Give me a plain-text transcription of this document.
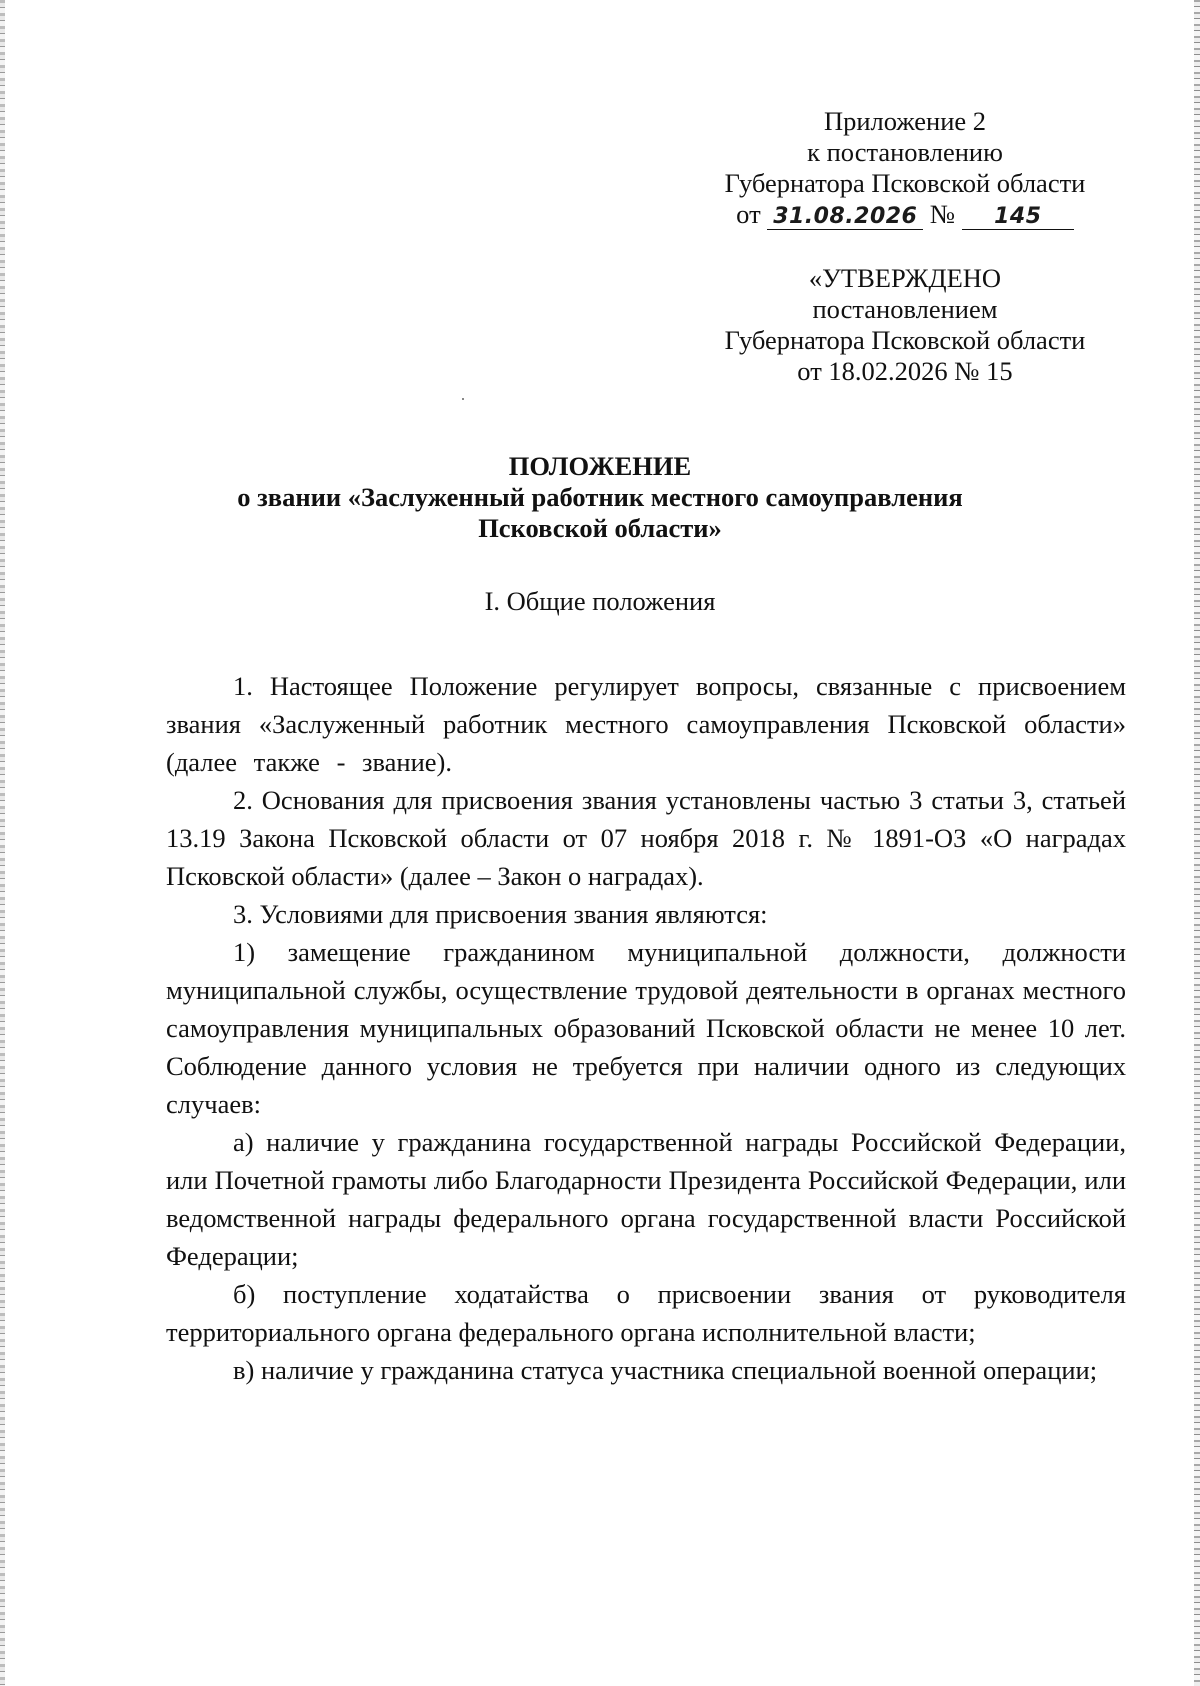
Приложение 2
к постановлению
Губернатора Псковской области
от 31.08.2026 № 145
«УТВЕРЖДЕНО
постановлением
Губернатора Псковской области
от 18.02.2026 № 15
ПОЛОЖЕНИЕ
о звании «Заслуженный работник местного самоуправления
Псковской области»
I. Общие положения

1. Настоящее Положение регулирует вопросы, связанные с присвоением звания «Заслуженный работник местного самоуправления Псковской области» (далее также - звание).

2. Основания для присвоения звания установлены частью 3 статьи 3, статьей 13.19 Закона Псковской области от 07 ноября 2018 г. № 1891-ОЗ «О наградах Псковской области» (далее – Закон о наградах).

3. Условиями для присвоения звания являются:

1) замещение гражданином муниципальной должности, должности муниципальной службы, осуществление трудовой деятельности в органах местного самоуправления муниципальных образований Псковской области не менее 10 лет. Соблюдение данного условия не требуется при наличии одного из следующих случаев:

а) наличие у гражданина государственной награды Российской Федерации, или Почетной грамоты либо Благодарности Президента Российской Федерации, или ведомственной награды федерального органа государственной власти Российской Федерации;

б) поступление ходатайства о присвоении звания от руководителя территориального органа федерального органа исполнительной власти;

в) наличие у гражданина статуса участника специальной военной операции;
